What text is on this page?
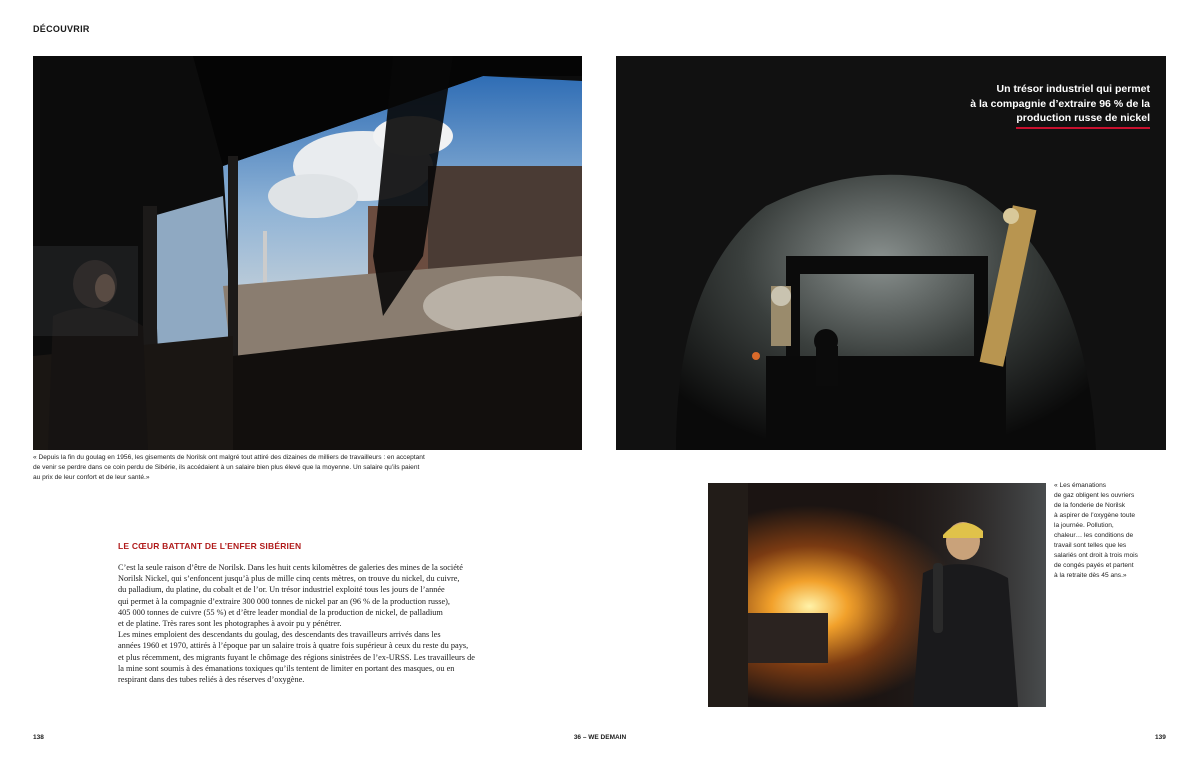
DÉCOUVRIR
Un trésor industriel qui permet
à la compagnie d’extraire 96 % de la
production russe de nickel
« Depuis la fin du goulag en 1956, les gisements de Norilsk ont malgré tout attiré des dizaines de milliers de travailleurs : en acceptant
de venir se perdre dans ce coin perdu de Sibérie, ils accédaient à un salaire bien plus élevé que la moyenne. Un salaire qu’ils paient
au prix de leur confort et de leur santé.»
« Les émanations
de gaz obligent les ouvriers
de la fonderie de Norilsk
à aspirer de l’oxygène toute
la journée. Pollution,
chaleur… les conditions de
travail sont telles que les
salariés ont droit à trois mois
de congés payés et partent
à la retraite dès 45 ans.»
LE CŒUR BATTANT DE L’ENFER SIBÉRIEN

C’est la seule raison d’être de Norilsk. Dans les huit cents kilomètres de galeries des mines de la société

Norilsk Nickel, qui s’enfoncent jusqu’à plus de mille cinq cents mètres, on trouve du nickel, du cuivre,

du palladium, du platine, du cobalt et de l’or. Un trésor industriel exploité tous les jours de l’année

qui permet à la compagnie d’extraire 300 000 tonnes de nickel par an (96 % de la production russe),

405 000 tonnes de cuivre (55 %) et d’être leader mondial de la production de nickel, de palladium

et de platine. Très rares sont les photographes à avoir pu y pénétrer.

Les mines emploient des descendants du goulag, des descendants des travailleurs arrivés dans les

années 1960 et 1970, attirés à l’époque par un salaire trois à quatre fois supérieur à ceux du reste du pays,

et plus récemment, des migrants fuyant le chômage des régions sinistrées de l’ex-URSS. Les travailleurs de

la mine sont soumis à des émanations toxiques qu’ils tentent de limiter en portant des masques, ou en

respirant dans des tubes reliés à des réserves d’oxygène.

138	36 – WE DEMAIN	139
